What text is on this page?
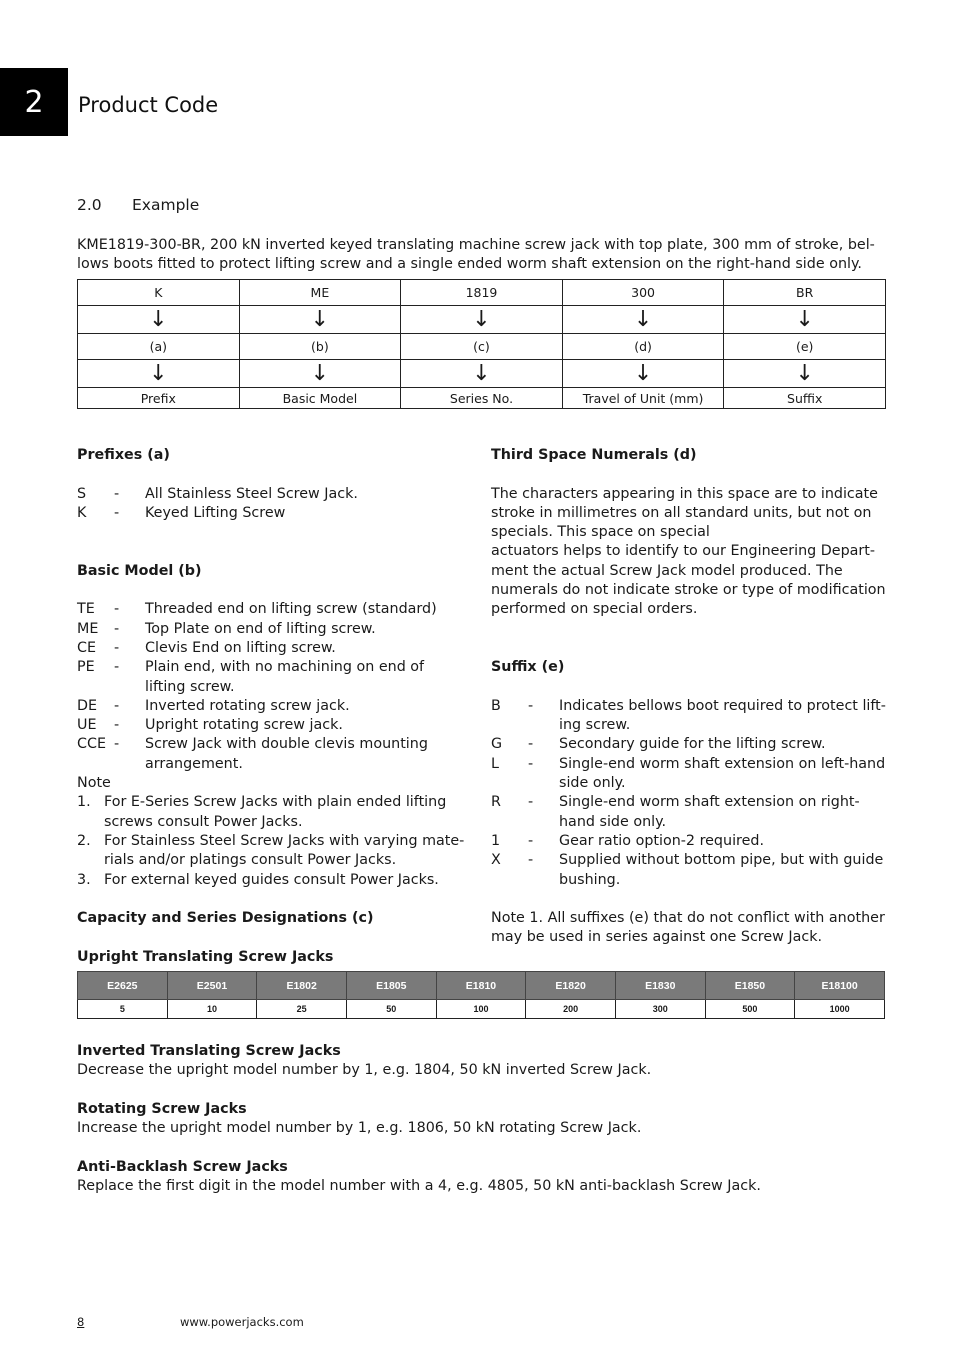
2 Product Code
2.0 Example
KME1819-300-BR, 200 kN inverted keyed translating machine screw jack with top plate, 300 mm of stroke, bel-lows boots fitted to protect lifting screw and a single ended worm shaft extension on the right-hand side only.
K	ME	1819	300	BR
↓	↓	↓	↓	↓
(a)	(b)	(c)	(d)	(e)
↓	↓	↓	↓	↓
Prefix	Basic Model	Series No.	Travel of Unit (mm)	Suffix
Prefixes (a)
S	-	All Stainless Steel Screw Jack.
K	-	Keyed Lifting Screw
Basic Model (b)
TE	-	Threaded end on lifting screw (standard)
ME	-	Top Plate on end of lifting screw.
CE	-	Clevis End on lifting screw.
PE	-	Plain end, with no machining on end of lifting screw.
DE	-	Inverted rotating screw jack.
UE	-	Upright rotating screw jack.
CCE -	Screw Jack with double clevis mounting arrangement.
Note
1. For E-Series Screw Jacks with plain ended lifting screws consult Power Jacks.
2. For Stainless Steel Screw Jacks with varying mate-rials and/or platings consult Power Jacks.
3. For external keyed guides consult Power Jacks.
Capacity and Series Designations (c)
Upright Translating Screw Jacks
Third Space Numerals (d)
The characters appearing in this space are to indicate stroke in millimetres on all standard units, but not on specials. This space on special
actuators helps to identify to our Engineering Depart-ment the actual Screw Jack model produced. The numerals do not indicate stroke or type of modification performed on special orders.
Suffix (e)
B	-	Indicates bellows boot required to protect lift-ing screw.
G	-	Secondary guide for the lifting screw.
L	-	Single-end worm shaft extension on left-hand side only.
R	-	Single-end worm shaft extension on right-hand side only.
1	-	Gear ratio option-2 required.
X	-	Supplied without bottom pipe, but with guide bushing.
Note 1. All suffixes (e) that do not conflict with another may be used in series against one Screw Jack.
E2625	E2501	E1802	E1805	E1810	E1820	E1830	E1850	E18100
5	10	25	50	100	200	300	500	1000
Inverted Translating Screw Jacks
Decrease the upright model number by 1, e.g. 1804, 50 kN inverted Screw Jack.
Rotating Screw Jacks
Increase the upright model number by 1, e.g. 1806, 50 kN rotating Screw Jack.
Anti-Backlash Screw Jacks
Replace the first digit in the model number with a 4, e.g. 4805, 50 kN anti-backlash Screw Jack.
8	www.powerjacks.com
